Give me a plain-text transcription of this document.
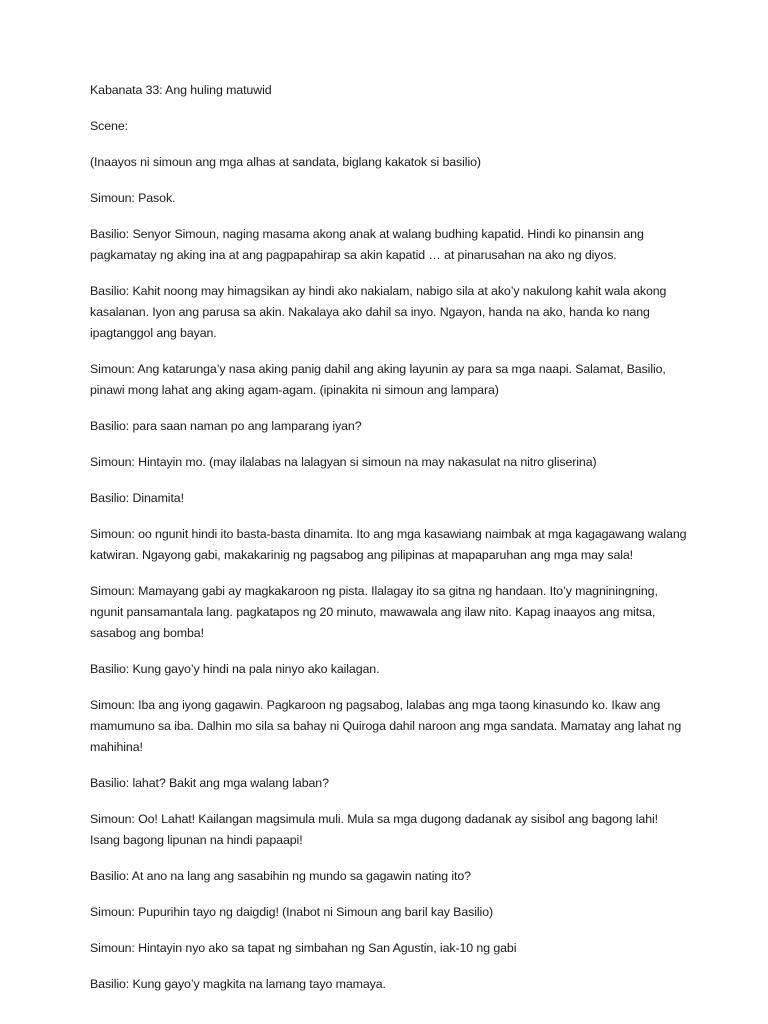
Kabanata 33: Ang huling matuwid

Scene:

(Inaayos ni simoun ang mga alhas at sandata, biglang kakatok si basilio)

Simoun: Pasok.

Basilio: Senyor Simoun, naging masama akong anak at walang budhing kapatid. Hindi ko pinansin ang pagkamatay ng aking ina at ang pagpapahirap sa akin kapatid … at pinarusahan na ako ng diyos.

Basilio: Kahit noong may himagsikan ay hindi ako nakialam, nabigo sila at ako’y nakulong kahit wala akong kasalanan. Iyon ang parusa sa akin. Nakalaya ako dahil sa inyo. Ngayon, handa na ako, handa ko nang ipagtanggol ang bayan.

Simoun: Ang katarunga’y nasa aking panig dahil ang aking layunin ay para sa mga naapi. Salamat, Basilio, pinawi mong lahat ang aking agam-agam. (ipinakita ni simoun ang lampara)

Basilio: para saan naman po ang lamparang iyan?

Simoun: Hintayin mo. (may ilalabas na lalagyan si simoun na may nakasulat na nitro gliserina)

Basilio: Dinamita!

Simoun: oo ngunit hindi ito basta-basta dinamita. Ito ang mga kasawiang naimbak at mga kagagawang walang katwiran. Ngayong gabi, makakarinig ng pagsabog ang pilipinas at mapaparuhan ang mga may sala!

Simoun: Mamayang gabi ay magkakaroon ng pista. Ilalagay ito sa gitna ng handaan. Ito’y magniningning, ngunit pansamantala lang. pagkatapos ng 20 minuto, mawawala ang ilaw nito. Kapag inaayos ang mitsa, sasabog ang bomba!

Basilio: Kung gayo’y hindi na pala ninyo ako kailagan.

Simoun: Iba ang iyong gagawin. Pagkaroon ng pagsabog, lalabas ang mga taong kinasundo ko. Ikaw ang mamumuno sa iba. Dalhin mo sila sa bahay ni Quiroga dahil naroon ang mga sandata. Mamatay ang lahat ng mahihina!

Basilio: lahat? Bakit ang mga walang laban?

Simoun: Oo! Lahat! Kailangan magsimula muli. Mula sa mga dugong dadanak ay sisibol ang bagong lahi! Isang bagong lipunan na hindi papaapi!

Basilio: At ano na lang ang sasabihin ng mundo sa gagawin nating ito?

Simoun: Pupurihin tayo ng daigdig! (Inabot ni Simoun ang baril kay Basilio)

Simoun: Hintayin nyo ako sa tapat ng simbahan ng San Agustin, iak-10 ng gabi

Basilio: Kung gayo’y magkita na lamang tayo mamaya.
